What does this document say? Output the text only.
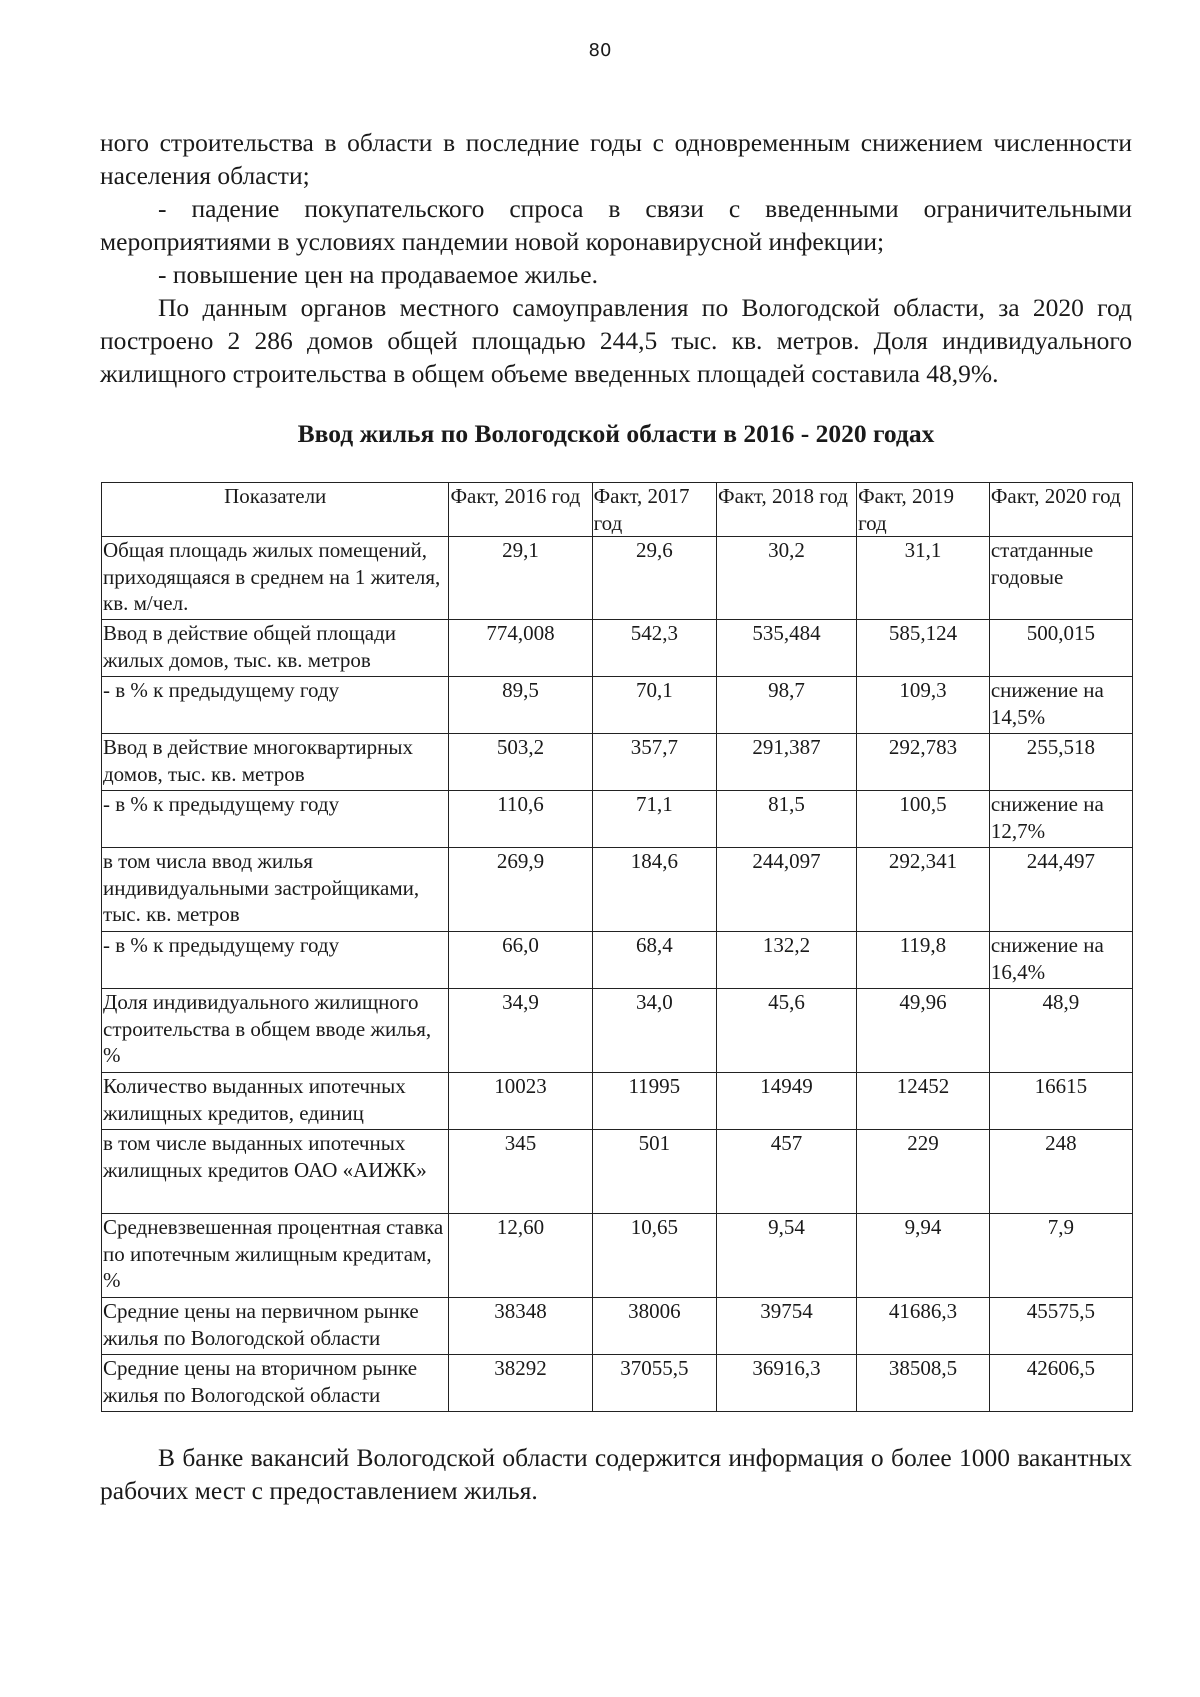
80

ного строительства в области в последние годы с одновременным снижением численности населения области;

- падение покупательского спроса в связи с введенными ограничительными мероприятиями в условиях пандемии новой коронавирусной инфекции;

- повышение цен на продаваемое жилье.

По данным органов местного самоуправления по Вологодской области, за 2020 год построено 2 286 домов общей площадью 244,5 тыс. кв. метров. Доля индивидуального жилищного строительства в общем объеме введенных площадей составила 48,9%.

Ввод жилья по Вологодской области в 2016 - 2020 годах
Показатели	Факт, 2016 год	Факт, 2017 год	Факт, 2018 год	Факт, 2019 год	Факт, 2020 год
Общая площадь жилых помещений, приходящаяся в среднем на 1 жителя, кв. м/чел.	29,1	29,6	30,2	31,1	статданные годовые
Ввод в действие общей площади жилых домов, тыс. кв. метров	774,008	542,3	535,484	585,124	500,015
- в % к предыдущему году	89,5	70,1	98,7	109,3	снижение на 14,5%
Ввод в действие многоквартирных домов, тыс. кв. метров	503,2	357,7	291,387	292,783	255,518
- в % к предыдущему году	110,6	71,1	81,5	100,5	снижение на 12,7%
в том числа ввод жилья индивидуальными застройщиками, тыс. кв. метров	269,9	184,6	244,097	292,341	244,497
- в % к предыдущему году	66,0	68,4	132,2	119,8	снижение на 16,4%
Доля индивидуального жилищного строительства в общем вводе жилья, %	34,9	34,0	45,6	49,96	48,9
Количество выданных ипотечных жилищных кредитов, единиц	10023	11995	14949	12452	16615
в том числе выданных ипотечных жилищных кредитов ОАО «АИЖК»	345	501	457	229	248
Средневзвешенная процентная ставка по ипотечным жилищным кредитам, %	12,60	10,65	9,54	9,94	7,9
Средние цены на первичном рынке жилья по Вологодской области	38348	38006	39754	41686,3	45575,5
Средние цены на вторичном рынке жилья по Вологодской области	38292	37055,5	36916,3	38508,5	42606,5

В банке вакансий Вологодской области содержится информация о более 1000 вакантных рабочих мест с предоставлением жилья.
